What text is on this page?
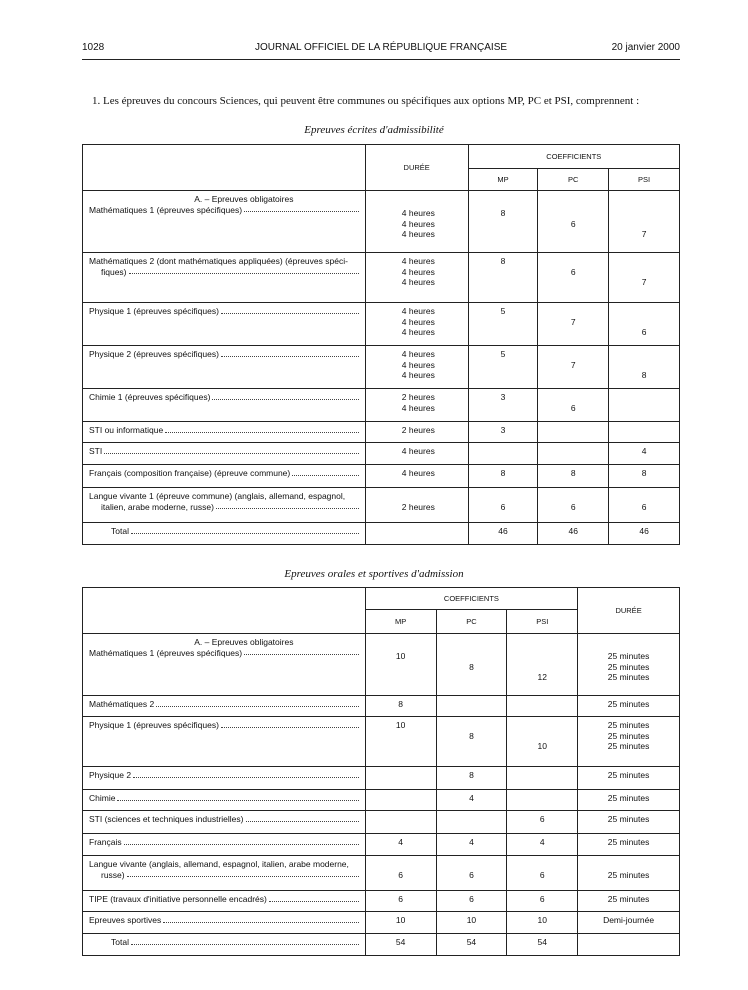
1028	JOURNAL OFFICIEL DE LA RÉPUBLIQUE FRANÇAISE	20 janvier 2000
1. Les épreuves du concours Sciences, qui peuvent être communes ou spécifiques aux options MP, PC et PSI, comprennent :
Epreuves écrites d'admissibilité
	DURÉE	COEFFICIENTS		
		MP	PC	PSI

A. – Epreuves obligatoires
Mathématiques 1 (épreuves spécifiques)	4 heures
4 heures
4 heures	8	6	7

Mathématiques 2 (dont mathématiques appliquées) (épreuves spéci-
fiques)	4 heures
4 heures
4 heures	8	6	7

Physique 1 (épreuves spécifiques)	4 heures
4 heures
4 heures	5	7	6

Physique 2 (épreuves spécifiques)	4 heures
4 heures
4 heures	5	7	8

Chimie 1 (épreuves spécifiques)	2 heures
4 heures	3	6	

STI ou informatique	2 heures	3		

STI	4 heures			4

Français (composition française) (épreuve commune)	4 heures	8	8	8

Langue vivante 1 (épreuve commune) (anglais, allemand, espagnol,
italien, arabe moderne, russe)	2 heures	6	6	6

Total		46	46	46
Epreuves orales et sportives d'admission
	COEFFICIENTS			DURÉE
	MP	PC	PSI	

A. – Epreuves obligatoires
Mathématiques 1 (épreuves spécifiques)	10	8	12	25 minutes
25 minutes
25 minutes

Mathématiques 2	8			25 minutes

Physique 1 (épreuves spécifiques)	10	8	10	25 minutes
25 minutes
25 minutes

Physique 2		8		25 minutes

Chimie		4		25 minutes

STI (sciences et techniques industrielles)			6	25 minutes

Français	4	4	4	25 minutes

Langue vivante (anglais, allemand, espagnol, italien, arabe moderne,
russe)	6	6	6	25 minutes

TIPE (travaux d'initiative personnelle encadrés)	6	6	6	25 minutes

Epreuves sportives	10	10	10	Demi-journée

Total	54	54	54	
